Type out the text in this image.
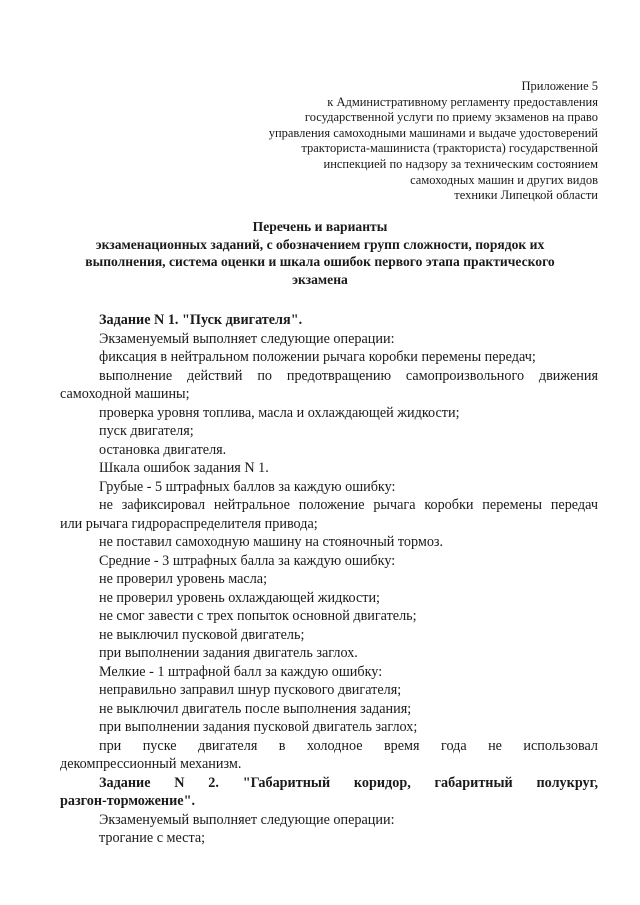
Приложение 5
к Административному регламенту предоставления
государственной услуги по приему экзаменов на право
управления самоходными машинами и выдаче удостоверений
тракториста-машиниста (тракториста) государственной
инспекцией по надзору за техническим состоянием
самоходных машин и других видов
техники Липецкой области
Перечень и варианты
экзаменационных заданий, с обозначением групп сложности, порядок их
выполнения, система оценки и шкала ошибок первого этапа практического
экзамена
Задание N 1. "Пуск двигателя".
Экзаменуемый выполняет следующие операции:
фиксация в нейтральном положении рычага коробки перемены передач;
выполнение действий по предотвращению самопроизвольного движения
самоходной машины;
проверка уровня топлива, масла и охлаждающей жидкости;
пуск двигателя;
остановка двигателя.
Шкала ошибок задания N 1.
Грубые - 5 штрафных баллов за каждую ошибку:
не зафиксировал нейтральное положение рычага коробки перемены передач
или рычага гидрораспределителя привода;
не поставил самоходную машину на стояночный тормоз.
Средние - 3 штрафных балла за каждую ошибку:
не проверил уровень масла;
не проверил уровень охлаждающей жидкости;
не смог завести с трех попыток основной двигатель;
не выключил пусковой двигатель;
при выполнении задания двигатель заглох.
Мелкие - 1 штрафной балл за каждую ошибку:
неправильно заправил шнур пускового двигателя;
не выключил двигатель после выполнения задания;
при выполнении задания пусковой двигатель заглох;
при пуске двигателя в холодное время года не использовал
декомпрессионный механизм.
Задание N 2. "Габаритный коридор, габаритный полукруг,
разгон-торможение".
Экзаменуемый выполняет следующие операции:
трогание с места;
